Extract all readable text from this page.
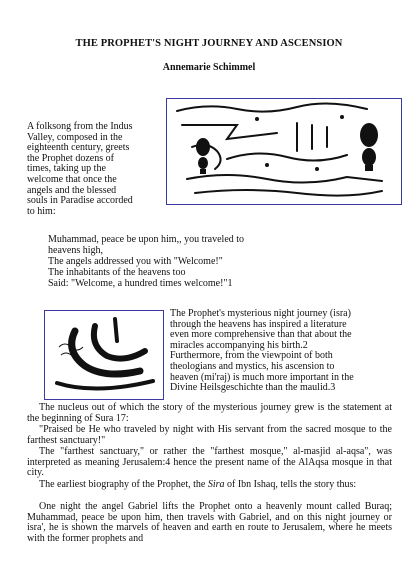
THE PROPHET'S NIGHT JOURNEY AND ASCENSION
Annemarie Schimmel
A folksong from the Indus
Valley, composed in the
eighteenth century, greets
the Prophet dozens of
times, taking up the
welcome that once the
angels and the blessed
souls in Paradise accorded
to him:
Muhammad, peace be upon him,, you traveled to
heavens high,
The angels addressed you with "Welcome!"
The inhabitants of the heavens too
Said: "Welcome, a hundred times welcome!"1
The Prophet's mysterious night journey (isra)
through the heavens has inspired a literature
even more comprehensive than that about the
miracles accompanying his birth.2
Furthermore, from the viewpoint of both
theologians and mystics, his ascension to
heaven (mi'raj) is much more important in the
Divine Heilsgeschichte than the maulid.3

The nucleus out of which the story of the mysterious journey grew is the statement at the beginning of Sura 17:

"Praised be He who traveled by night with His servant from the sacred mosque to the farthest sanctuary!"

The "farthest sanctuary," or rather the "farthest mosque," al-masjid al-aqsa", was interpreted as meaning Jerusalem:4 hence the present name of the AlAqsa mosque in that city.

The earliest biography of the Prophet, the Sira of Ibn Ishaq, tells the story thus:

One night the angel Gabriel lifts the Prophet onto a heavenly mount called Buraq; Muhammad, peace be upon him, then travels with Gabriel, and on this night journey or isra', he is shown the marvels of heaven and earth en route to Jerusalem, where he meets with the former prophets and
